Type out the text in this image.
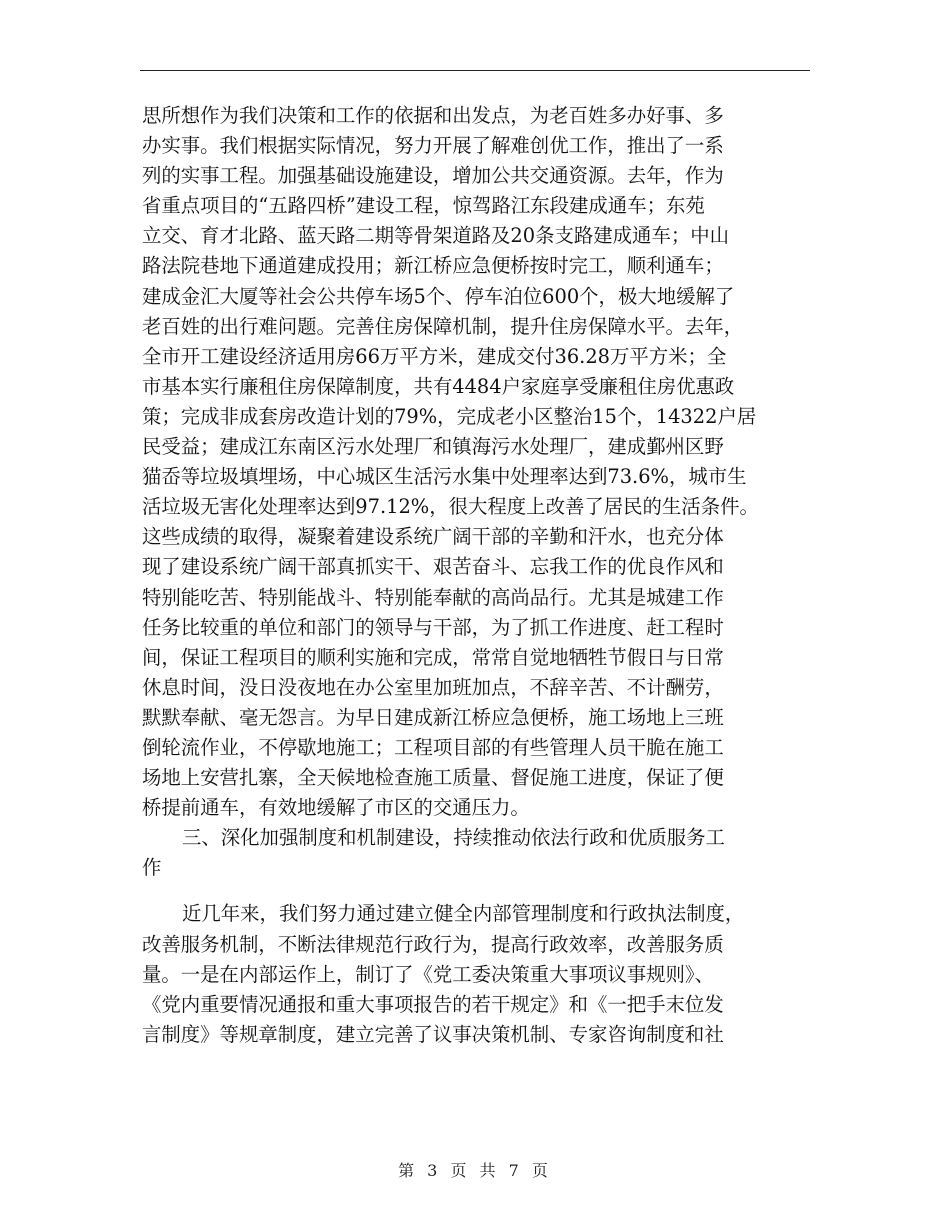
思所想作为我们决策和工作的依据和出发点，为老百姓多办好事、多
办实事。我们根据实际情况，努力开展了解难创优工作，推出了一系
列的实事工程。加强基础设施建设，增加公共交通资源。去年，作为
省重点项目的“五路四桥”建设工程，惊驾路江东段建成通车；东苑
立交、育才北路、蓝天路二期等骨架道路及20条支路建成通车；中山
路法院巷地下通道建成投用；新江桥应急便桥按时完工，顺利通车；
建成金汇大厦等社会公共停车场5个、停车泊位600个，极大地缓解了
老百姓的出行难问题。完善住房保障机制，提升住房保障水平。去年，
全市开工建设经济适用房66万平方米，建成交付36.28万平方米；全
市基本实行廉租住房保障制度，共有4484户家庭享受廉租住房优惠政
策；完成非成套房改造计划的79%，完成老小区整治15个，14322户居
民受益；建成江东南区污水处理厂和镇海污水处理厂，建成鄞州区野
猫岙等垃圾填埋场，中心城区生活污水集中处理率达到73.6%，城市生
活垃圾无害化处理率达到97.12%，很大程度上改善了居民的生活条件。
这些成绩的取得，凝聚着建设系统广阔干部的辛勤和汗水，也充分体
现了建设系统广阔干部真抓实干、艰苦奋斗、忘我工作的优良作风和
特别能吃苦、特别能战斗、特别能奉献的高尚品行。尤其是城建工作
任务比较重的单位和部门的领导与干部，为了抓工作进度、赶工程时
间，保证工程项目的顺利实施和完成，常常自觉地牺牲节假日与日常
休息时间，没日没夜地在办公室里加班加点，不辞辛苦、不计酬劳，
默默奉献、毫无怨言。为早日建成新江桥应急便桥，施工场地上三班
倒轮流作业，不停歇地施工；工程项目部的有些管理人员干脆在施工
场地上安营扎寨，全天候地检查施工质量、督促施工进度，保证了便
桥提前通车，有效地缓解了市区的交通压力。
三、深化加强制度和机制建设，持续推动依法行政和优质服务工
作
近几年来，我们努力通过建立健全内部管理制度和行政执法制度，
改善服务机制，不断法律规范行政行为，提高行政效率，改善服务质
量。一是在内部运作上，制订了《党工委决策重大事项议事规则》、
《党内重要情况通报和重大事项报告的若干规定》和《一把手末位发
言制度》等规章制度，建立完善了议事决策机制、专家咨询制度和社
第 3 页 共 7 页
